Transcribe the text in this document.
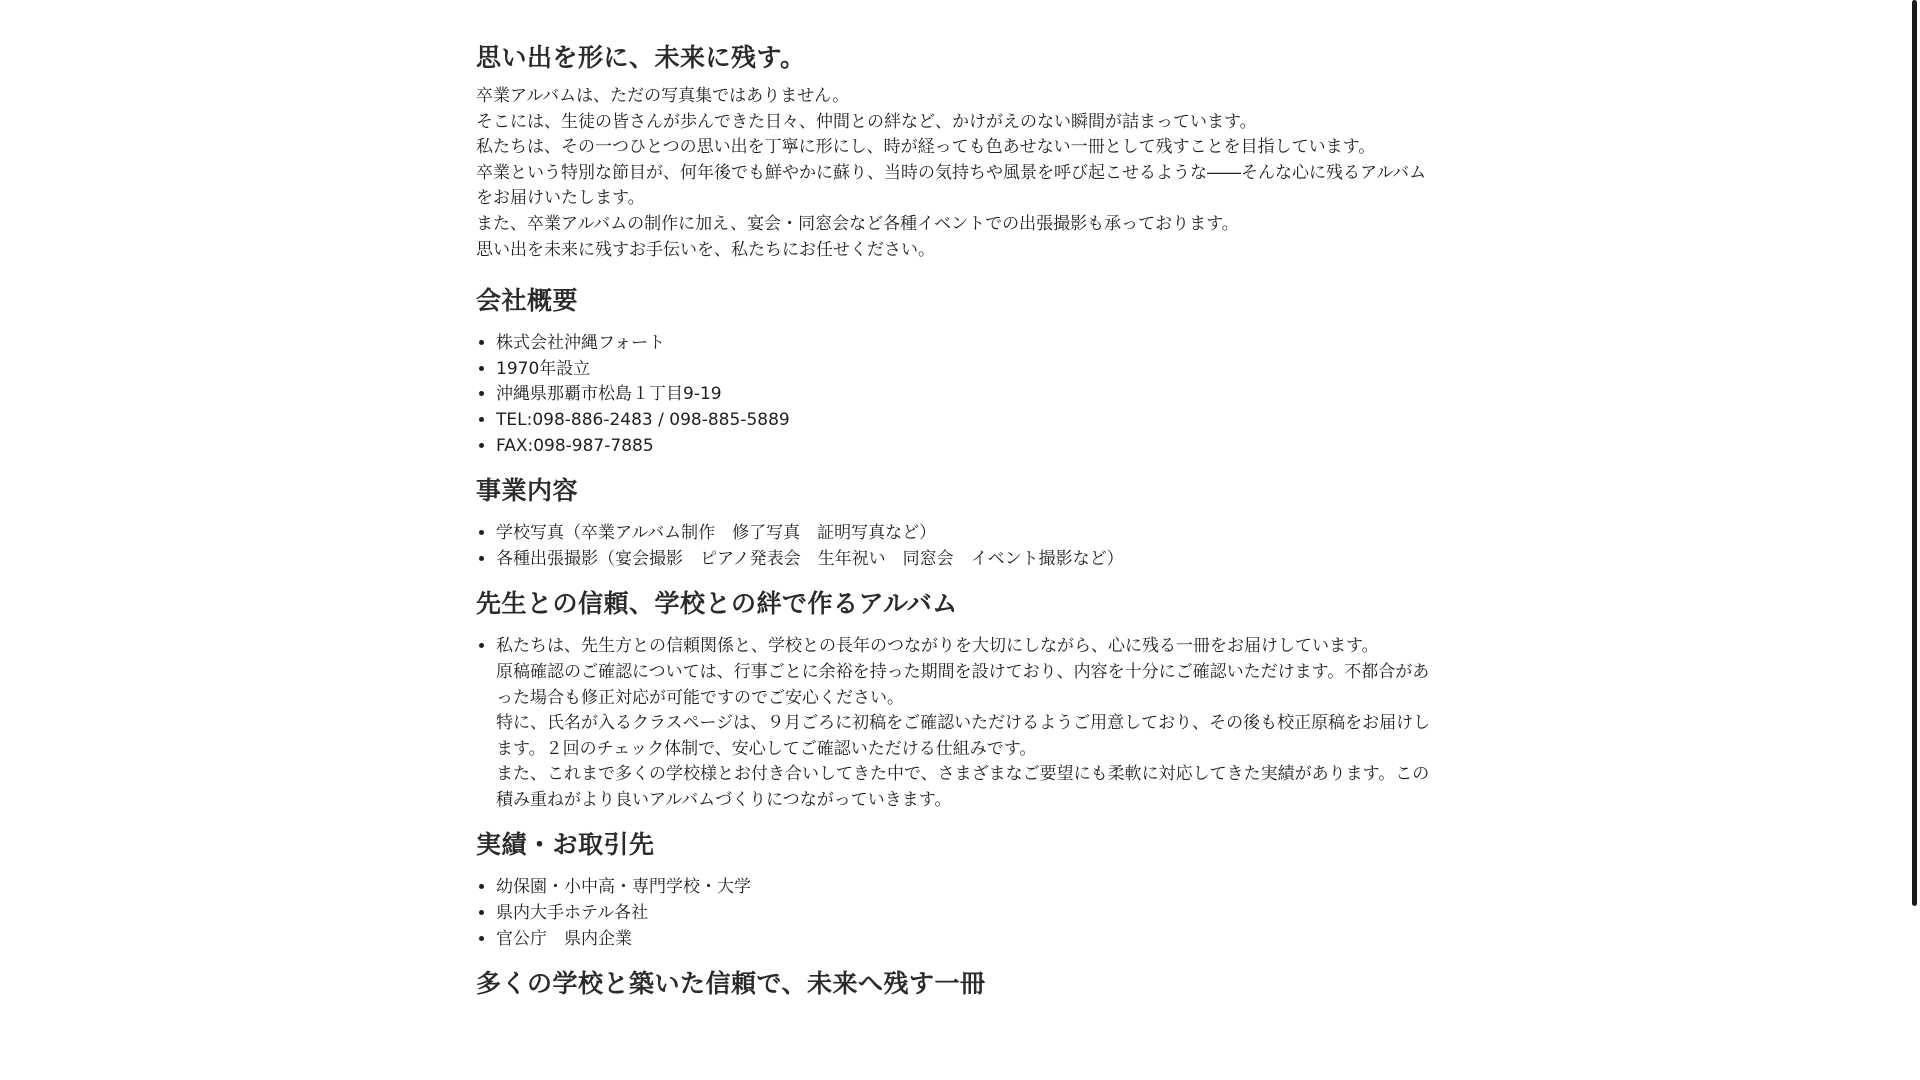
思い出を形に、未来に残す。

卒業アルバムは、ただの写真集ではありません。
そこには、生徒の皆さんが歩んできた日々、仲間との絆など、かけがえのない瞬間が詰まっています。
私たちは、その一つひとつの思い出を丁寧に形にし、時が経っても色あせない一冊として残すことを目指しています。
卒業という特別な節目が、何年後でも鮮やかに蘇り、当時の気持ちや風景を呼び起こせるような――そんな心に残るアルバムをお届けいたします。
また、卒業アルバムの制作に加え、宴会・同窓会など各種イベントでの出張撮影も承っております。
思い出を未来に残すお手伝いを、私たちにお任せください。

会社概要
• 株式会社沖縄フォート
• 1970年設立
• 沖縄県那覇市松島１丁目9-19
• TEL:098-886-2483 / 098-885-5889
• FAX:098-987-7885
事業内容
• 学校写真（卒業アルバム制作　修了写真　証明写真など）
• 各種出張撮影（宴会撮影　ピアノ発表会　生年祝い　同窓会　イベント撮影など）
先生との信頼、学校との絆で作るアルバム
• 私たちは、先生方との信頼関係と、学校との長年のつながりを大切にしながら、心に残る一冊をお届けしています。
原稿確認のご確認については、行事ごとに余裕を持った期間を設けており、内容を十分にご確認いただけます。不都合があった場合も修正対応が可能ですのでご安心ください。
特に、氏名が入るクラスページは、９月ごろに初稿をご確認いただけるようご用意しており、その後も校正原稿をお届けします。２回のチェック体制で、安心してご確認いただける仕組みです。
また、これまで多くの学校様とお付き合いしてきた中で、さまざまなご要望にも柔軟に対応してきた実績があります。この積み重ねがより良いアルバムづくりにつながっていきます。
実績・お取引先
• 幼保園・小中高・専門学校・大学
• 県内大手ホテル各社
• 官公庁　県内企業
多くの学校と築いた信頼で、未来へ残す一冊
